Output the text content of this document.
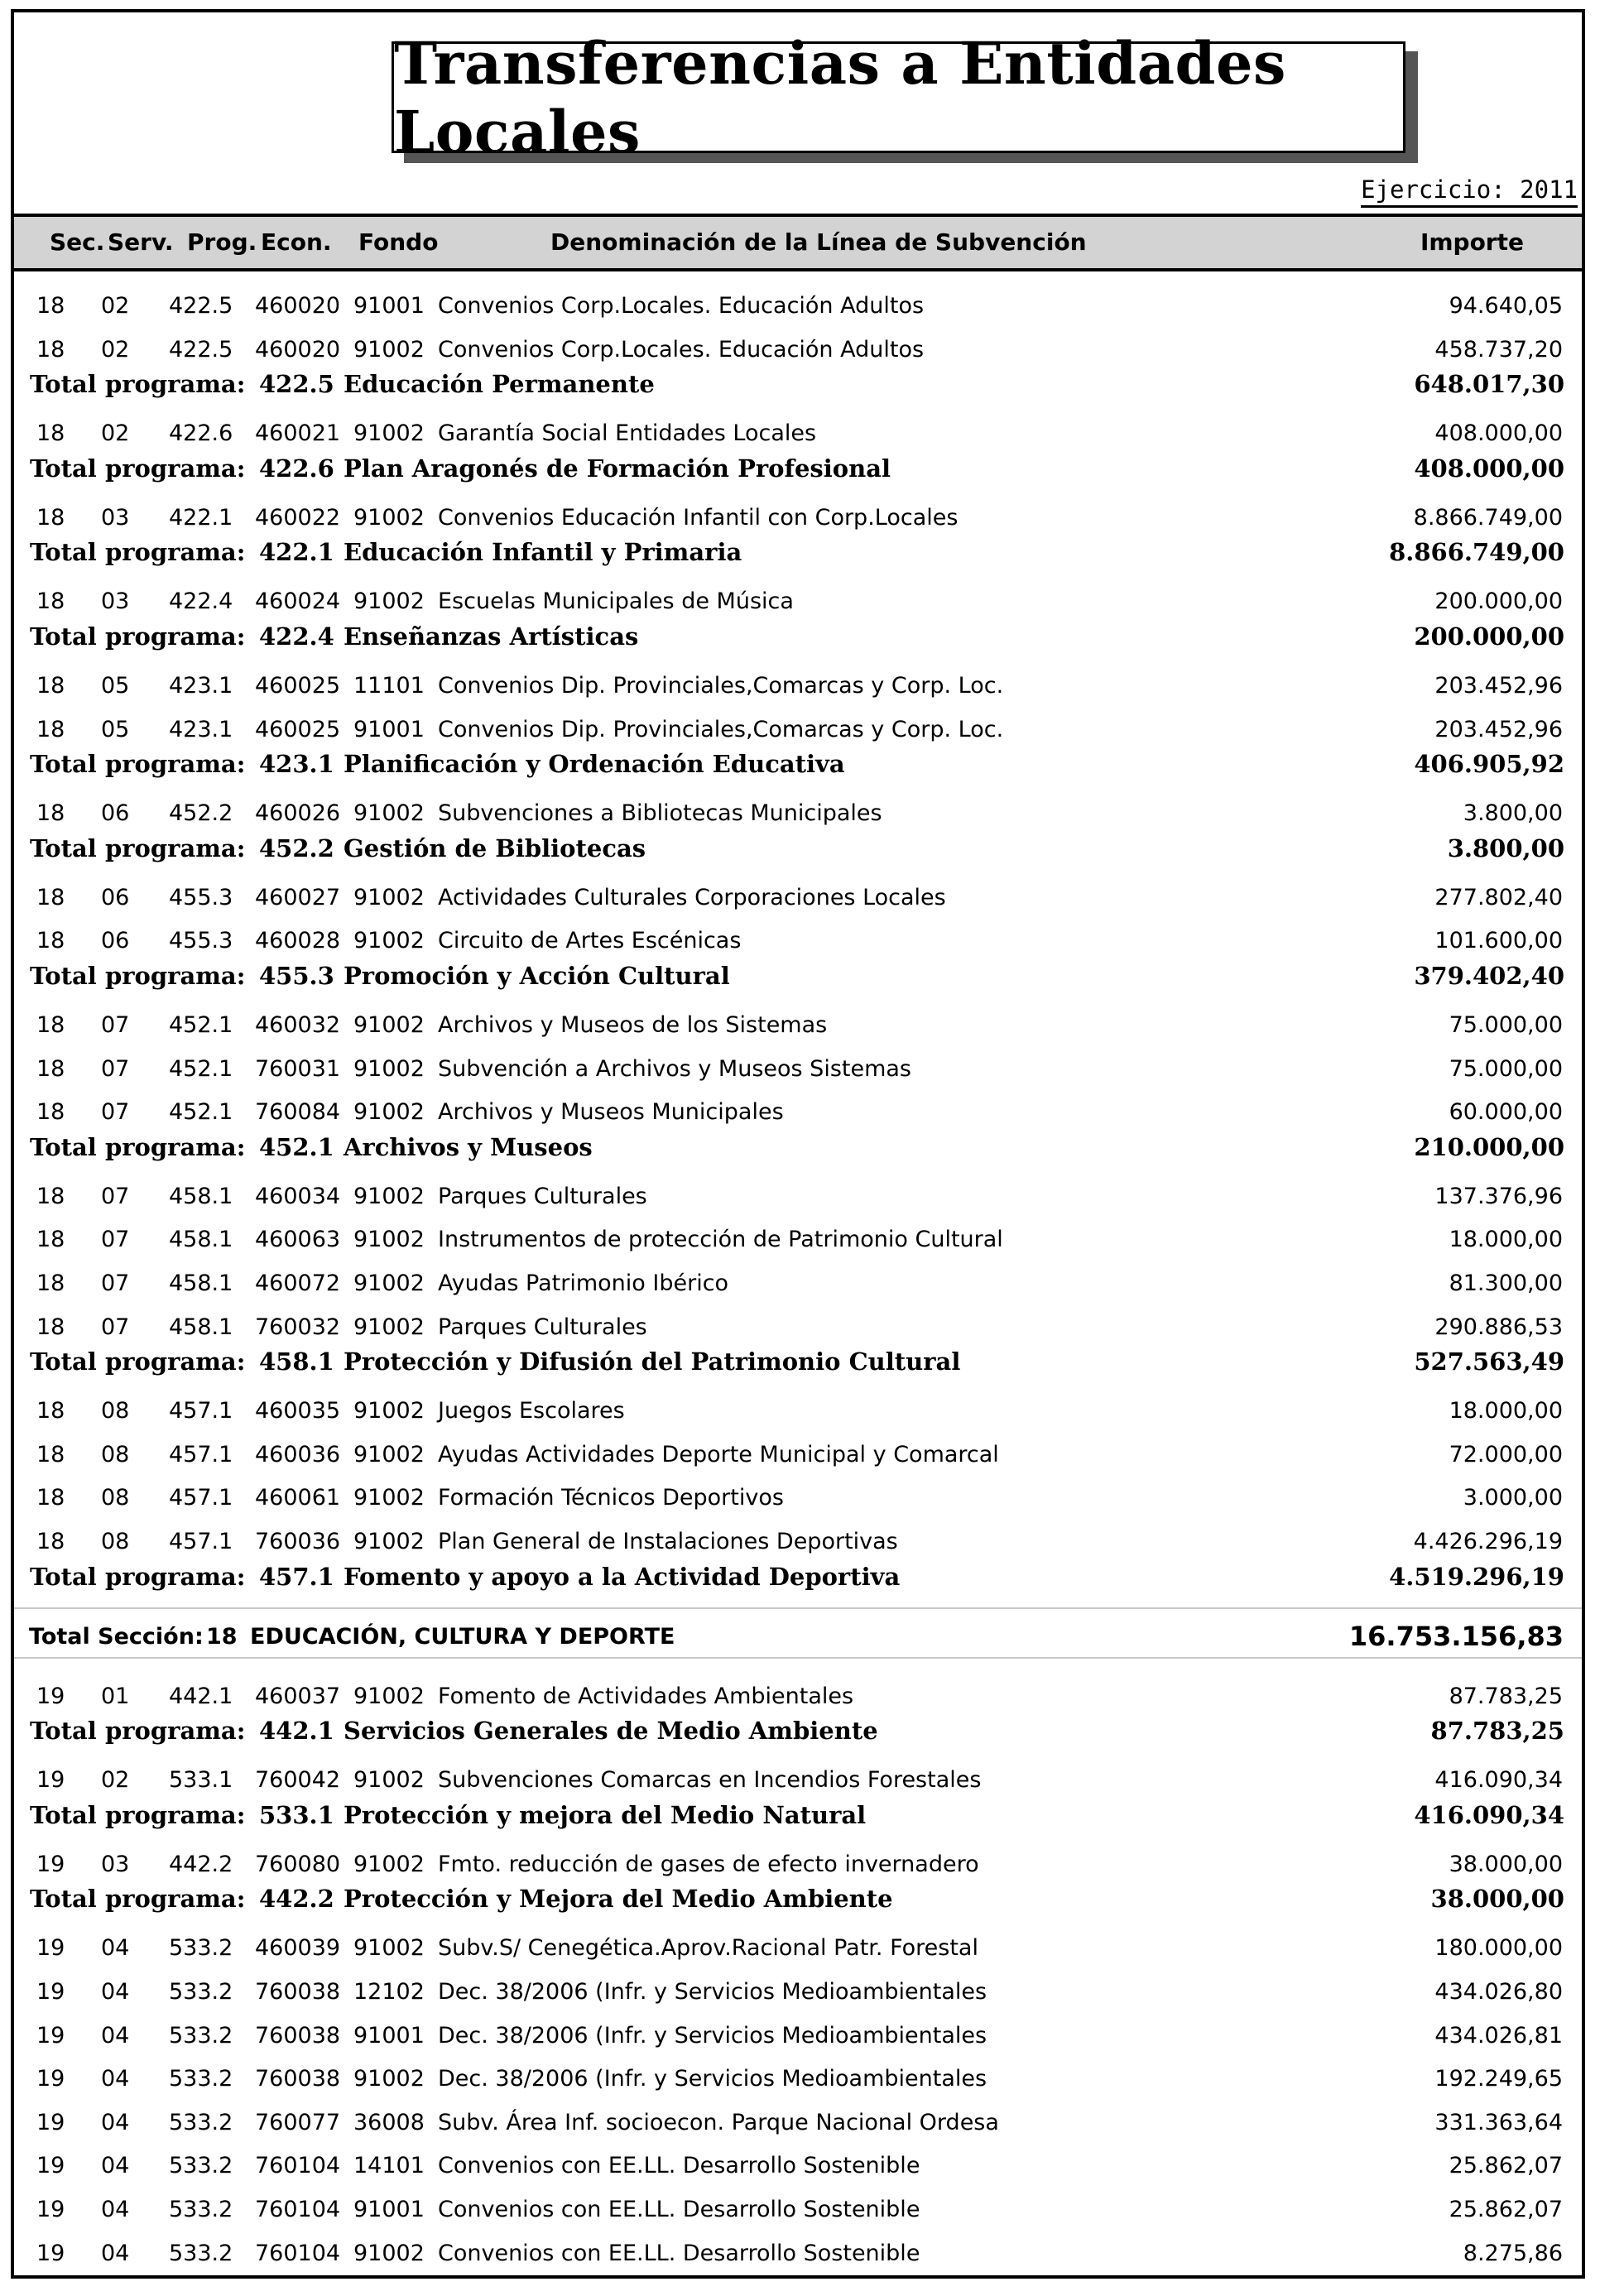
Transferencias a Entidades Locales
Ejercicio: 2011
Sec. Serv. Prog. Econ. Fondo	Denominación de la Línea de Subvención	Importe
18 02 422.5 460020 91001 Convenios Corp.Locales. Educación Adultos	94.640,05
18 02 422.5 460020 91002 Convenios Corp.Locales. Educación Adultos	458.737,20
Total programa: 422.5 Educación Permanente	648.017,30
18 02 422.6 460021 91002 Garantía Social Entidades Locales	408.000,00
Total programa: 422.6 Plan Aragonés de Formación Profesional	408.000,00
18 03 422.1 460022 91002 Convenios Educación Infantil con Corp.Locales	8.866.749,00
Total programa: 422.1 Educación Infantil y Primaria	8.866.749,00
18 03 422.4 460024 91002 Escuelas Municipales de Música	200.000,00
Total programa: 422.4 Enseñanzas Artísticas	200.000,00
18 05 423.1 460025 11101 Convenios Dip. Provinciales,Comarcas y Corp. Loc.	203.452,96
18 05 423.1 460025 91001 Convenios Dip. Provinciales,Comarcas y Corp. Loc.	203.452,96
Total programa: 423.1 Planificación y Ordenación Educativa	406.905,92
18 06 452.2 460026 91002 Subvenciones a Bibliotecas Municipales	3.800,00
Total programa: 452.2 Gestión de Bibliotecas	3.800,00
18 06 455.3 460027 91002 Actividades Culturales Corporaciones Locales	277.802,40
18 06 455.3 460028 91002 Circuito de Artes Escénicas	101.600,00
Total programa: 455.3 Promoción y Acción Cultural	379.402,40
18 07 452.1 460032 91002 Archivos y Museos de los Sistemas	75.000,00
18 07 452.1 760031 91002 Subvención a Archivos y Museos Sistemas	75.000,00
18 07 452.1 760084 91002 Archivos y Museos Municipales	60.000,00
Total programa: 452.1 Archivos y Museos	210.000,00
18 07 458.1 460034 91002 Parques Culturales	137.376,96
18 07 458.1 460063 91002 Instrumentos de protección de Patrimonio Cultural	18.000,00
18 07 458.1 460072 91002 Ayudas Patrimonio Ibérico	81.300,00
18 07 458.1 760032 91002 Parques Culturales	290.886,53
Total programa: 458.1 Protección y Difusión del Patrimonio Cultural	527.563,49
18 08 457.1 460035 91002 Juegos Escolares	18.000,00
18 08 457.1 460036 91002 Ayudas Actividades Deporte Municipal y Comarcal	72.000,00
18 08 457.1 460061 91002 Formación Técnicos Deportivos	3.000,00
18 08 457.1 760036 91002 Plan General de Instalaciones Deportivas	4.426.296,19
Total programa: 457.1 Fomento y apoyo a la Actividad Deportiva	4.519.296,19
Total Sección: 18 EDUCACIÓN, CULTURA Y DEPORTE	16.753.156,83
19 01 442.1 460037 91002 Fomento de Actividades Ambientales	87.783,25
Total programa: 442.1 Servicios Generales de Medio Ambiente	87.783,25
19 02 533.1 760042 91002 Subvenciones Comarcas en Incendios Forestales	416.090,34
Total programa: 533.1 Protección y mejora del Medio Natural	416.090,34
19 03 442.2 760080 91002 Fmto. reducción de gases de efecto invernadero	38.000,00
Total programa: 442.2 Protección y Mejora del Medio Ambiente	38.000,00
19 04 533.2 460039 91002 Subv.S/ Cenegética.Aprov.Racional Patr. Forestal	180.000,00
19 04 533.2 760038 12102 Dec. 38/2006 (Infr. y Servicios Medioambientales	434.026,80
19 04 533.2 760038 91001 Dec. 38/2006 (Infr. y Servicios Medioambientales	434.026,81
19 04 533.2 760038 91002 Dec. 38/2006 (Infr. y Servicios Medioambientales	192.249,65
19 04 533.2 760077 36008 Subv. Área Inf. socioecon. Parque Nacional Ordesa	331.363,64
19 04 533.2 760104 14101 Convenios con EE.LL. Desarrollo Sostenible	25.862,07
19 04 533.2 760104 91001 Convenios con EE.LL. Desarrollo Sostenible	25.862,07
19 04 533.2 760104 91002 Convenios con EE.LL. Desarrollo Sostenible	8.275,86
